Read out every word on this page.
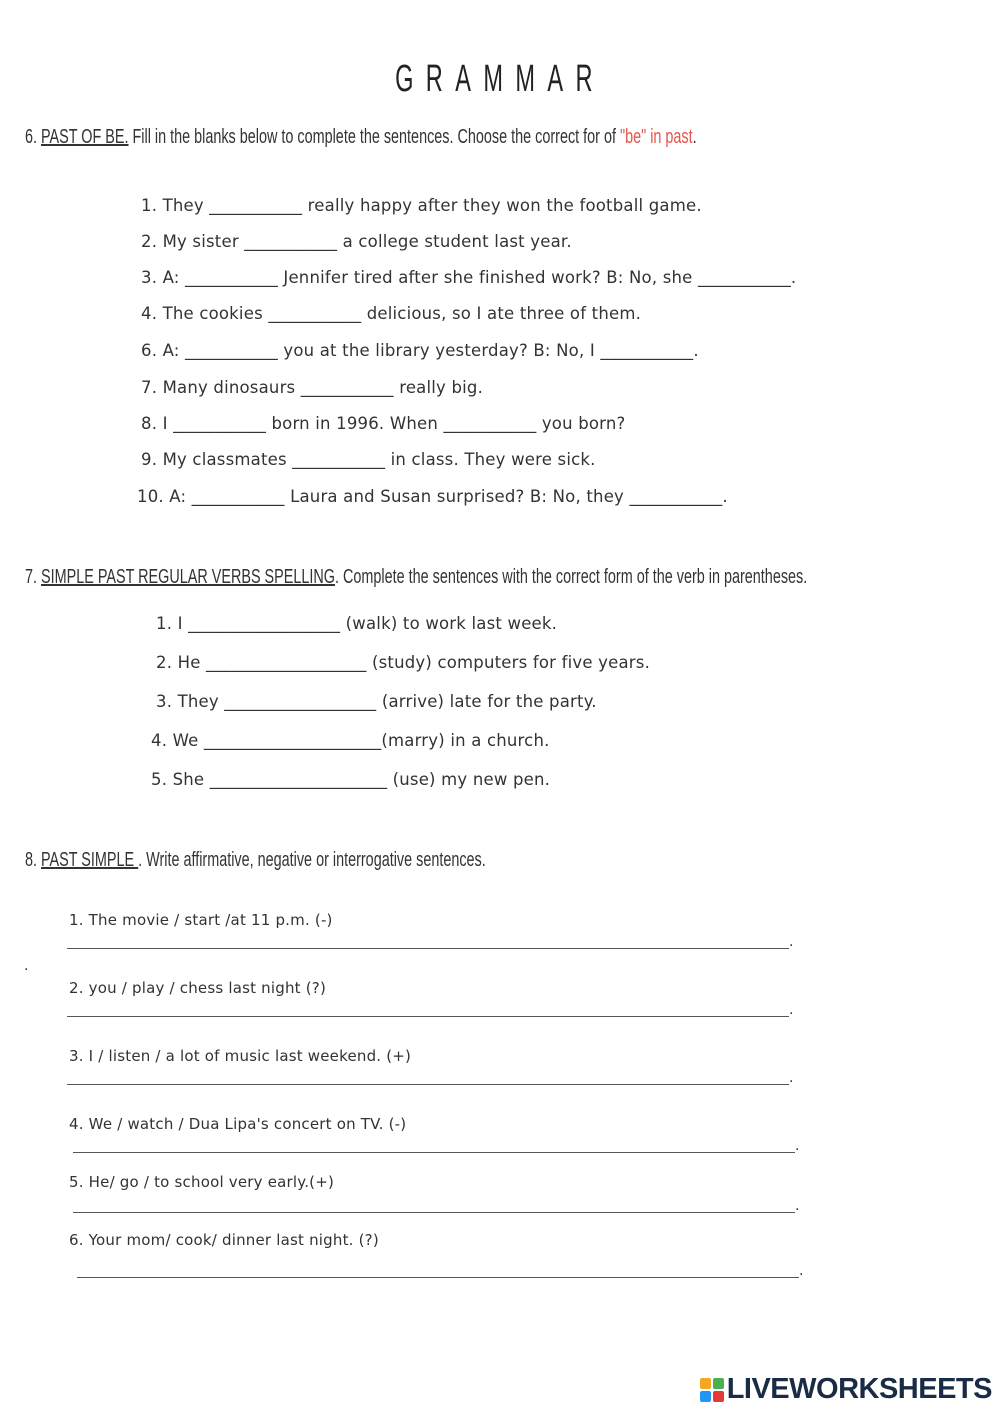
GRAMMAR
6. PAST OF BE. Fill in the blanks below to complete the sentences. Choose the correct for of "be" in past.
1. They ___________ really happy after they won the football game.
2. My sister ___________ a college student last year.
3. A: ___________ Jennifer tired after she finished work? B: No, she ___________.
4. The cookies ___________ delicious, so I ate three of them.
6. A: ___________ you at the library yesterday? B: No, I ___________.
7. Many dinosaurs ___________ really big.
8. I ___________ born in 1996. When ___________ you born?
9. My classmates ___________ in class. They were sick.
10. A: ___________ Laura and Susan surprised? B: No, they ___________.
7. SIMPLE PAST REGULAR VERBS SPELLING. Complete the sentences with the correct form of the verb in parentheses.
1. I __________________ (walk) to work last week.
2. He ___________________ (study) computers for five years.
3. They __________________ (arrive) late for the party.
4. We _____________________(marry) in a church.
5. She _____________________ (use) my new pen.
8. PAST SIMPLE . Write affirmative, negative or interrogative sentences.
1. The movie / start /at 11 p.m. (-)
.
.
2. you / play / chess last night (?)
.
3. I / listen / a lot of music last weekend. (+)
.
4. We / watch / Dua Lipa's concert on TV. (-)
.
5. He/ go / to school very early.(+)
.
6. Your mom/ cook/ dinner last night. (?)
.
LIVEWORKSHEETS
